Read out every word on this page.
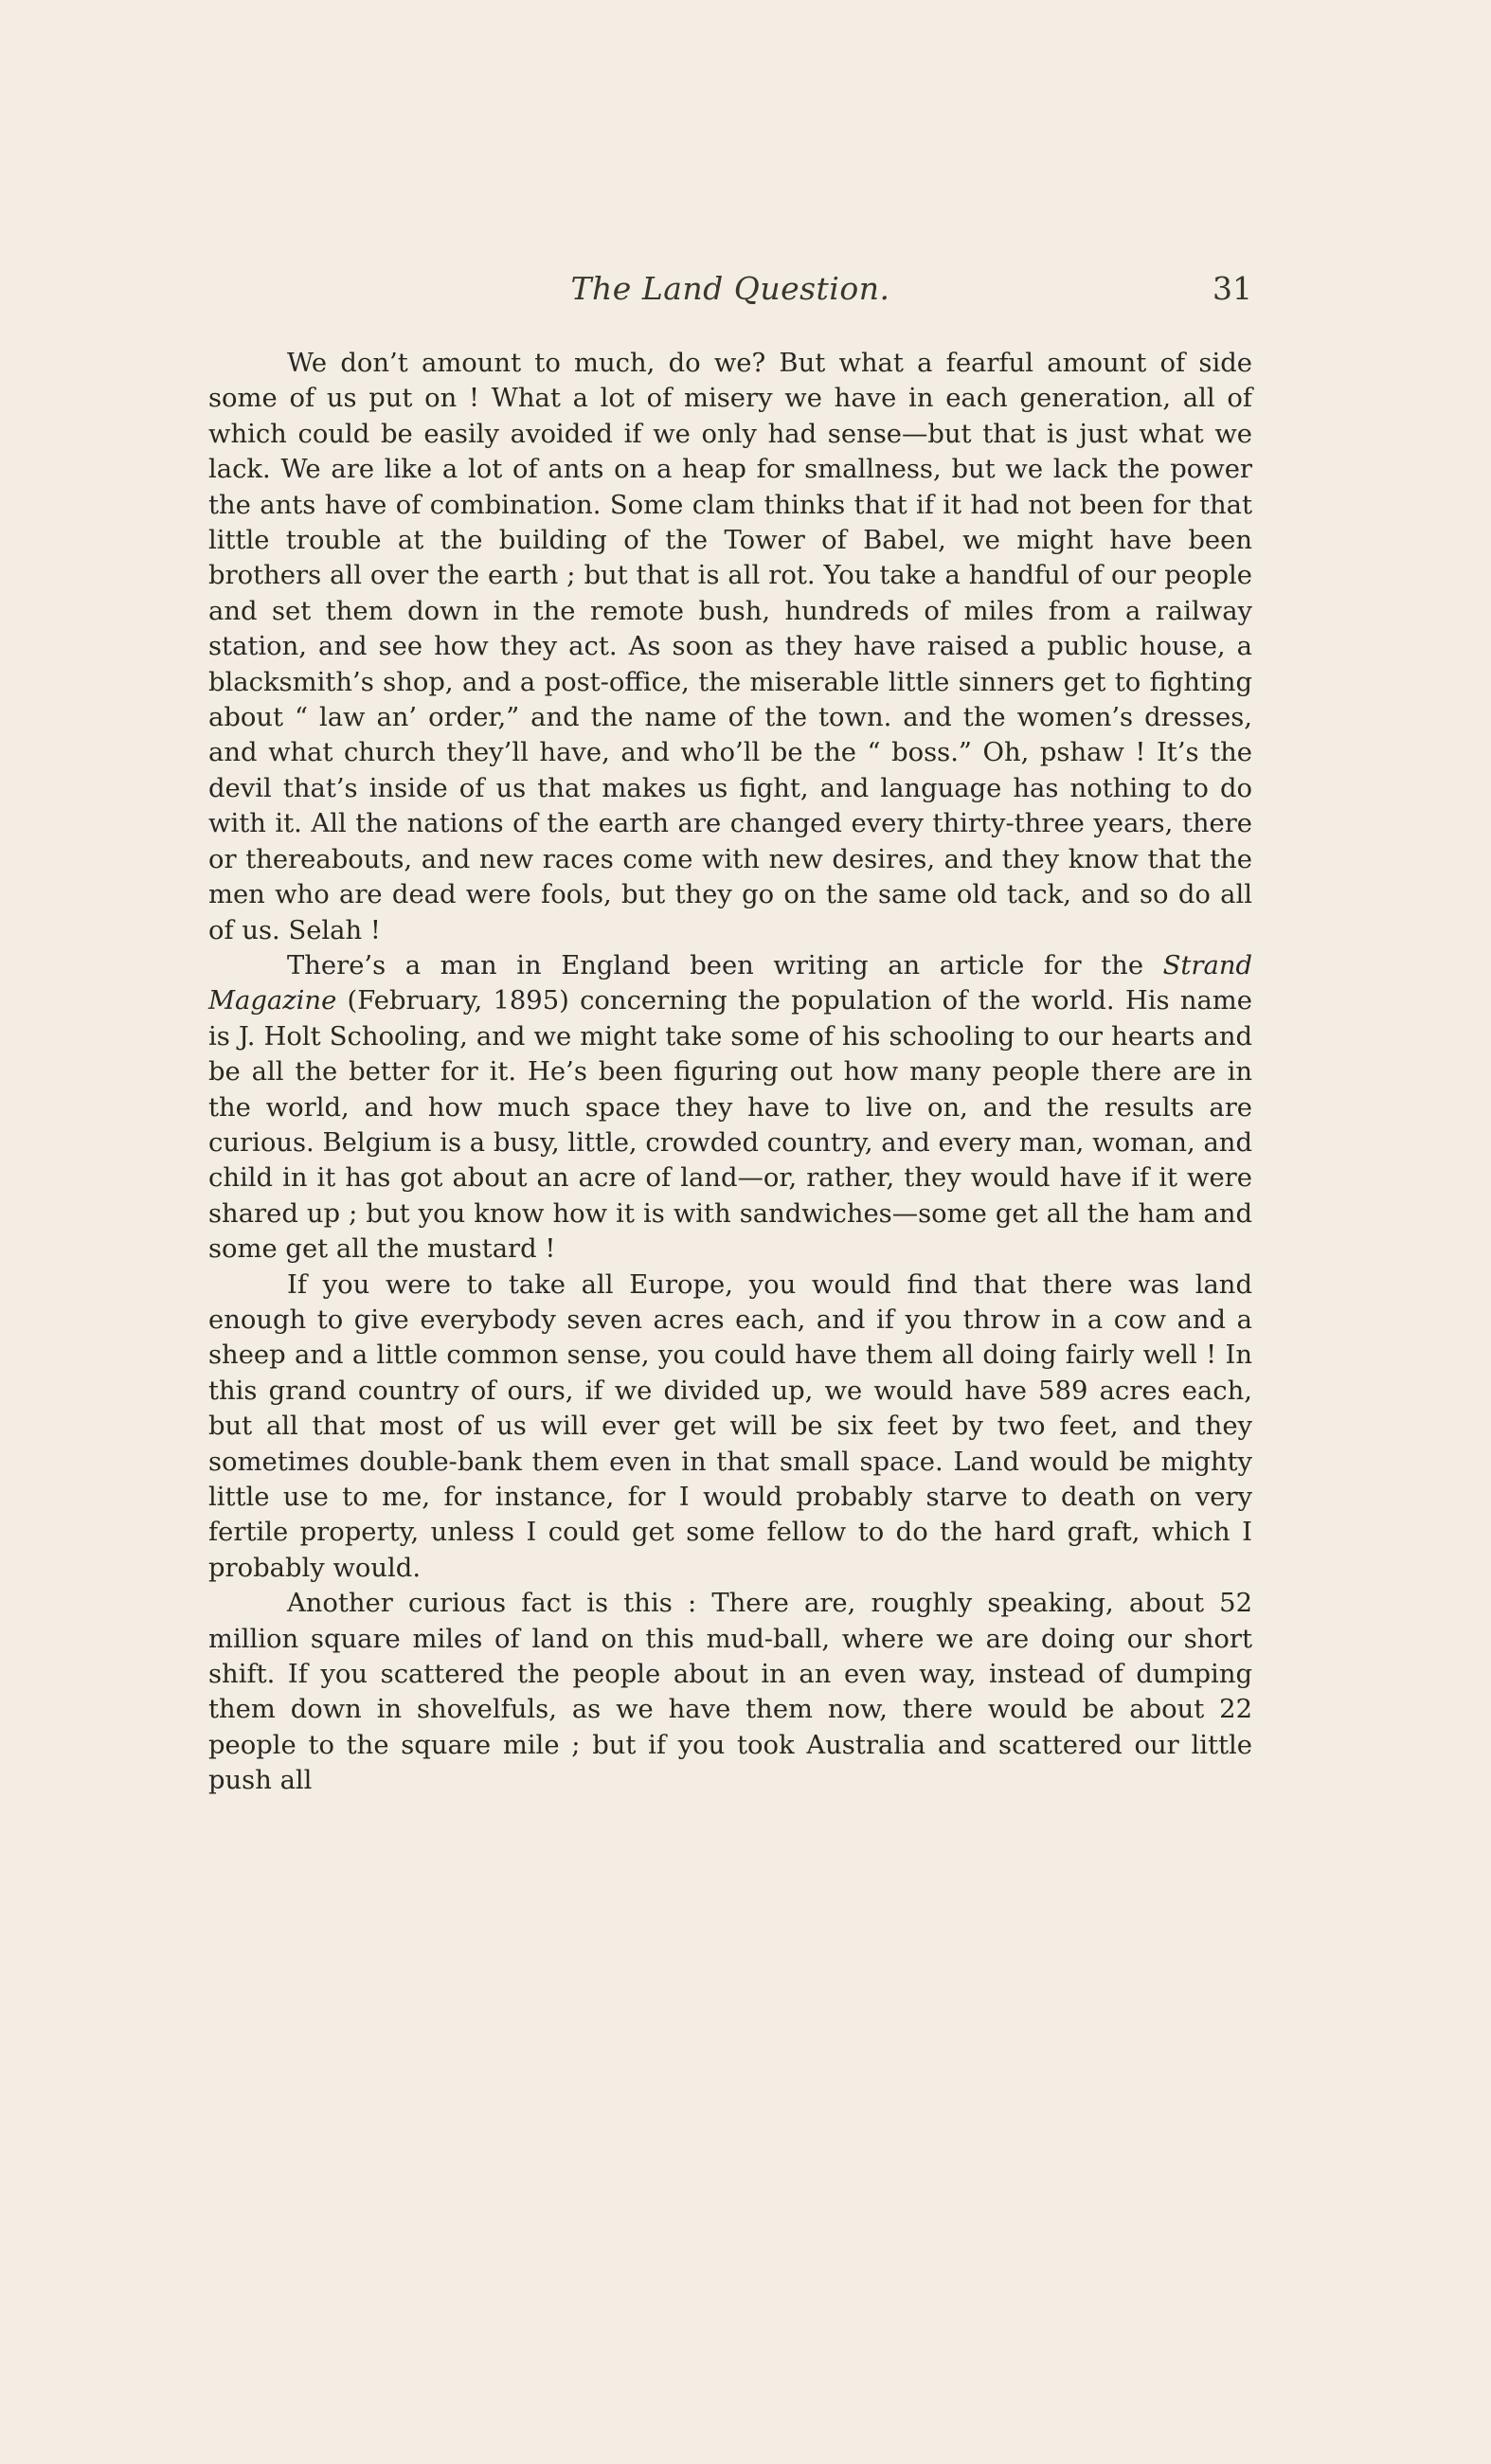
The Land Question.	31

We don’t amount to much, do we? But what a fearful amount of side some of us put on ! What a lot of misery we have in each generation, all of which could be easily avoided if we only had sense—but that is just what we lack. We are like a lot of ants on a heap for smallness, but we lack the power the ants have of combination. Some clam thinks that if it had not been for that little trouble at the building of the Tower of Babel, we might have been brothers all over the earth ; but that is all rot. You take a handful of our people and set them down in the remote bush, hundreds of miles from a railway station, and see how they act. As soon as they have raised a public house, a blacksmith’s shop, and a post-office, the miserable little sinners get to fighting about “ law an’ order,” and the name of the town. and the women’s dresses, and what church they’ll have, and who’ll be the “ boss.” Oh, pshaw ! It’s the devil that’s inside of us that makes us fight, and language has nothing to do with it. All the nations of the earth are changed every thirty-three years, there or thereabouts, and new races come with new desires, and they know that the men who are dead were fools, but they go on the same old tack, and so do all of us. Selah !

There’s a man in England been writing an article for the Strand Magazine (February, 1895) concerning the population of the world. His name is J. Holt Schooling, and we might take some of his schooling to our hearts and be all the better for it. He’s been figuring out how many people there are in the world, and how much space they have to live on, and the results are curious. Belgium is a busy, little, crowded country, and every man, woman, and child in it has got about an acre of land—or, rather, they would have if it were shared up ; but you know how it is with sandwiches—some get all the ham and some get all the mustard !

If you were to take all Europe, you would find that there was land enough to give everybody seven acres each, and if you throw in a cow and a sheep and a little common sense, you could have them all doing fairly well ! In this grand country of ours, if we divided up, we would have 589 acres each, but all that most of us will ever get will be six feet by two feet, and they sometimes double-bank them even in that small space. Land would be mighty little use to me, for instance, for I would probably starve to death on very fertile property, unless I could get some fellow to do the hard graft, which I probably would.

Another curious fact is this : There are, roughly speaking, about 52 million square miles of land on this mud-ball, where we are doing our short shift. If you scattered the people about in an even way, instead of dumping them down in shovelfuls, as we have them now, there would be about 22 people to the square mile ; but if you took Australia and scattered our little push all
